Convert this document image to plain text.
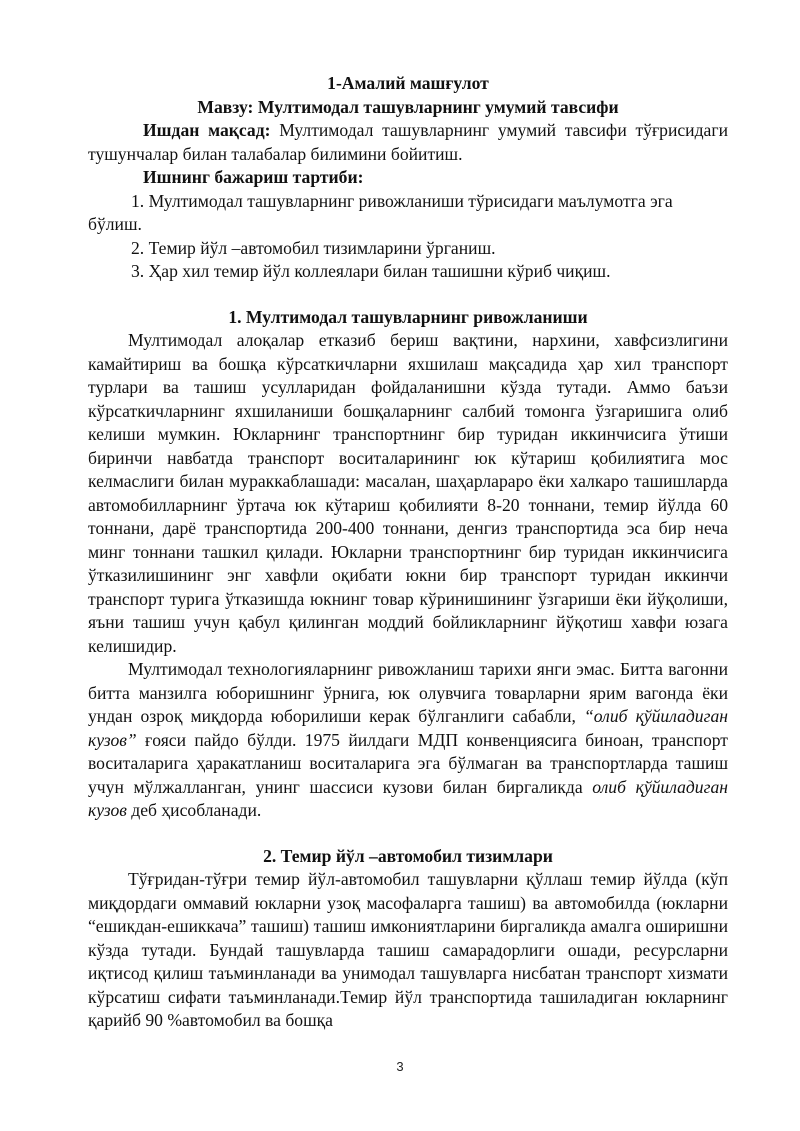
1-Амалий машғулот
Мавзу: Мултимодал ташувларнинг умумий тавсифи

Ишдан мақсад: Мултимодал ташувларнинг умумий тавсифи тўғрисидаги тушунчалар билан талабалар билимини бойитиш.

Ишнинг бажариш тартиби:

1. Мултимодал ташувларнинг ривожланиши тўрисидаги маълумотга эга бўлиш.

2. Темир йўл –автомобил тизимларини ўрганиш.

3. Ҳар хил темир йўл коллеялари билан ташишни кўриб чиқиш.

1. Мултимодал ташувларнинг ривожланиши

Мултимодал алоқалар етказиб бериш вақтини, нархини, хавфсизлигини камайтириш ва бошқа кўрсаткичларни яхшилаш мақсадида ҳар хил транспорт турлари ва ташиш усулларидан фойдаланишни кўзда тутади. Аммо баъзи кўрсаткичларнинг яхшиланиши бошқаларнинг салбий томонга ўзгаришига олиб келиши мумкин. Юкларнинг транспортнинг бир туридан иккинчисига ўтиши биринчи навбатда транспорт воситаларининг юк кўтариш қобилиятига мос келмаслиги билан мураккаблашади: масалан, шаҳарлараро ёки халкаро ташишларда автомобилларнинг ўртача юк кўтариш қобилияти 8-20 тоннани, темир йўлда 60 тоннани, дарё транспортида 200-400 тоннани, денгиз транспортида эса бир неча минг тоннани ташкил қилади. Юкларни транспортнинг бир туридан иккинчисига ўтказилишининг энг хавфли оқибати юкни бир транспорт туридан иккинчи транспорт турига ўтказишда юкнинг товар кўринишининг ўзгариши ёки йўқолиши, яъни ташиш учун қабул қилинган моддий бойликларнинг йўқотиш хавфи юзага келишидир.

Мултимодал технологияларнинг ривожланиш тарихи янги эмас. Битта вагонни битта манзилга юборишнинг ўрнига, юк олувчига товарларни ярим вагонда ёки ундан озроқ миқдорда юборилиши керак бўлганлиги сабабли, “олиб қўйиладиган кузов” ғояси пайдо бўлди. 1975 йилдаги МДП конвенциясига биноан, транспорт воситаларига ҳаракатланиш воситаларига эга бўлмаган ва транспортларда ташиш учун мўлжалланган, унинг шассиси кузови билан биргаликда олиб қўйиладиган кузов деб ҳисобланади.

2. Темир йўл –автомобил тизимлари

Тўғридан-тўғри темир йўл-автомобил ташувларни қўллаш темир йўлда (кўп миқдордаги оммавий юкларни узоқ масофаларга ташиш) ва автомобилда (юкларни “ешикдан-ешиккача” ташиш) ташиш имкониятларини биргаликда амалга оширишни кўзда тутади. Бундай ташувларда ташиш самарадорлиги ошади, ресурсларни иқтисод қилиш таъминланади ва унимодал ташувларга нисбатан транспорт хизмати кўрсатиш сифати таъминланади.Темир йўл транспортида ташиладиган юкларнинг қарийб 90 %автомобил ва бошқа

3
